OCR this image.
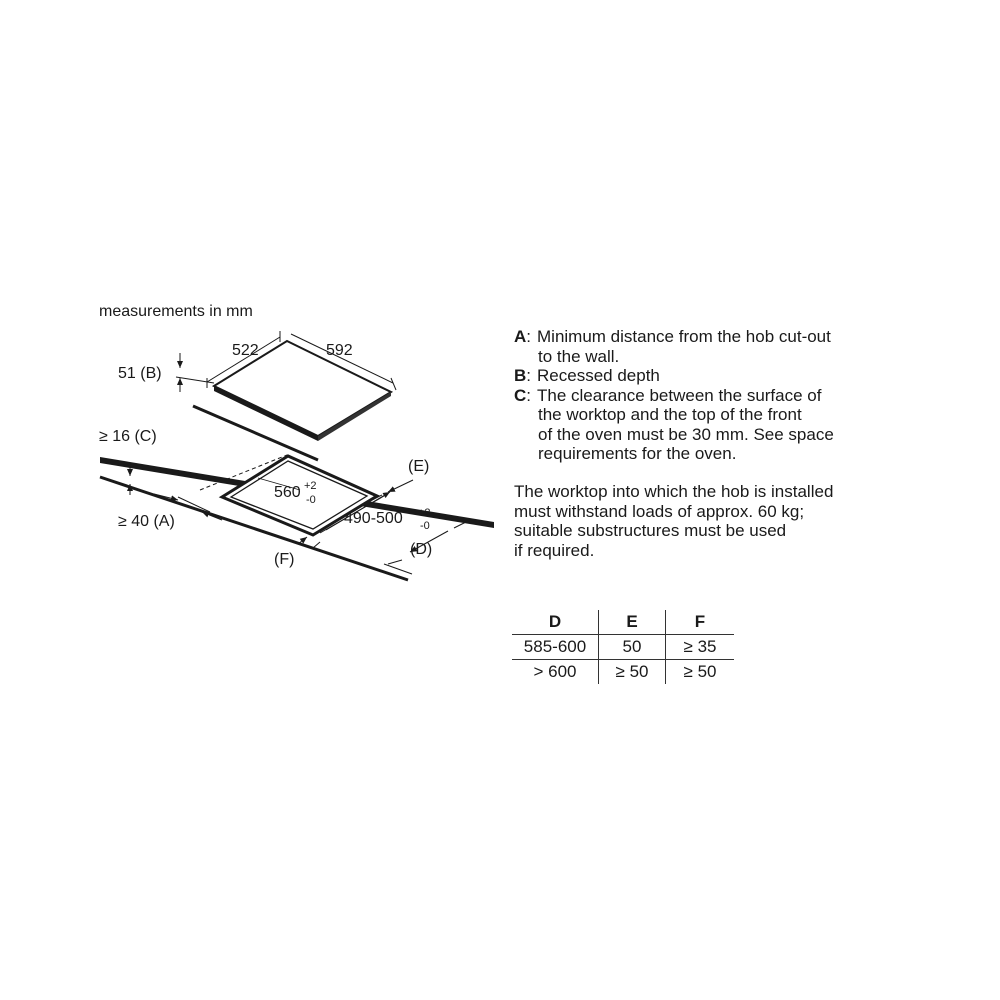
measurements in mm
522	592
51 (B)
≥ 16 (C)
560 +2
-0
490-500 +2
-0
(E)
(D)
≥ 40 (A)
(F)
A : Minimum distance from the hob cut-out
to the wall.
B : Recessed depth
C : The clearance between the surface of
the worktop and the top of the front
of the oven must be 30 mm. See space
requirements for the oven.
The worktop into which the hob is installed
must withstand loads of approx. 60 kg;
suitable substructures must be used
if required.
D	E	F
585-600	50	≥ 35
> 600	≥ 50	≥ 50
